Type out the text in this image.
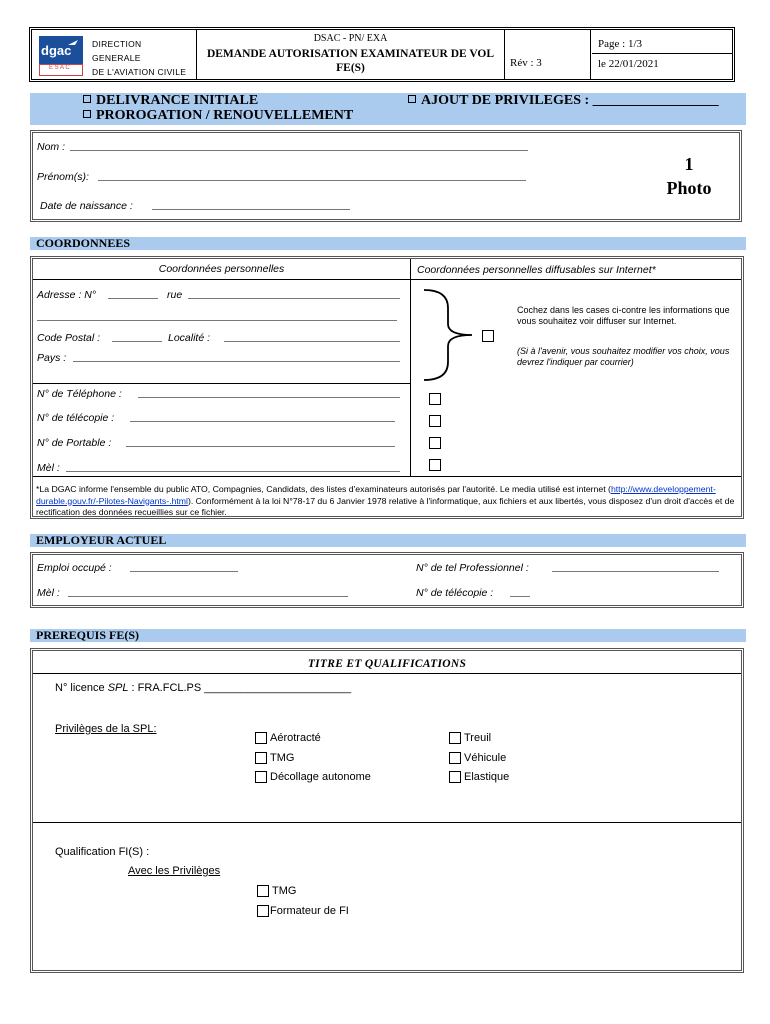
dgac
E S A C
DIRECTION
GENERALE
DE L'AVIATION CIVILE
DSAC - PN/ EXA
DEMANDE AUTORISATION EXAMINATEUR DE VOL
FE(S)	Rév : 3
Page : 1/3
le 22/01/2021
DELIVRANCE INITIALE
PROROGATION / RENOUVELLEMENT
AJOUT DE PRIVILEGES : __________________
Nom :
Prénom(s):
Date de naissance :
1
Photo
COORDONNEES
Coordonnées personnelles	Coordonnées personnelles diffusables sur Internet*
Adresse : N°	rue
Code Postal :	Localité :
Pays :
Cochez dans les cases ci-contre les informations que vous souhaitez voir diffuser sur Internet.
(Si à l'avenir, vous souhaitez modifier vos choix, vous devrez l'indiquer par courrier)
N° de Téléphone :
N° de télécopie :
N° de Portable :
Mèl :
*La DGAC informe l'ensemble du public ATO, Compagnies, Candidats, des listes d'examinateurs autorisés par l'autorité. Le media utilisé est internet (http://www.developpement-durable.gouv.fr/-Pilotes-Navigants-.html). Conformément à la loi N°78-17 du 6 Janvier 1978 relative à l'informatique, aux fichiers et aux libertés, vous disposez d'un droit d'accès et de rectification des données recueillies sur ce fichier.
EMPLOYEUR ACTUEL
Emploi occupé :	N° de tel Professionnel :
Mèl :	N° de télécopie :
PREREQUIS FE(S)
TITRE ET QUALIFICATIONS
N° licence SPL : FRA.FCL.PS ________________________
Privilèges de la SPL:
Aérotracté
TMG
Décollage autonome
Treuil
Véhicule
Elastique
Qualification FI(S) :
Avec les Privilèges
TMG
Formateur de FI
